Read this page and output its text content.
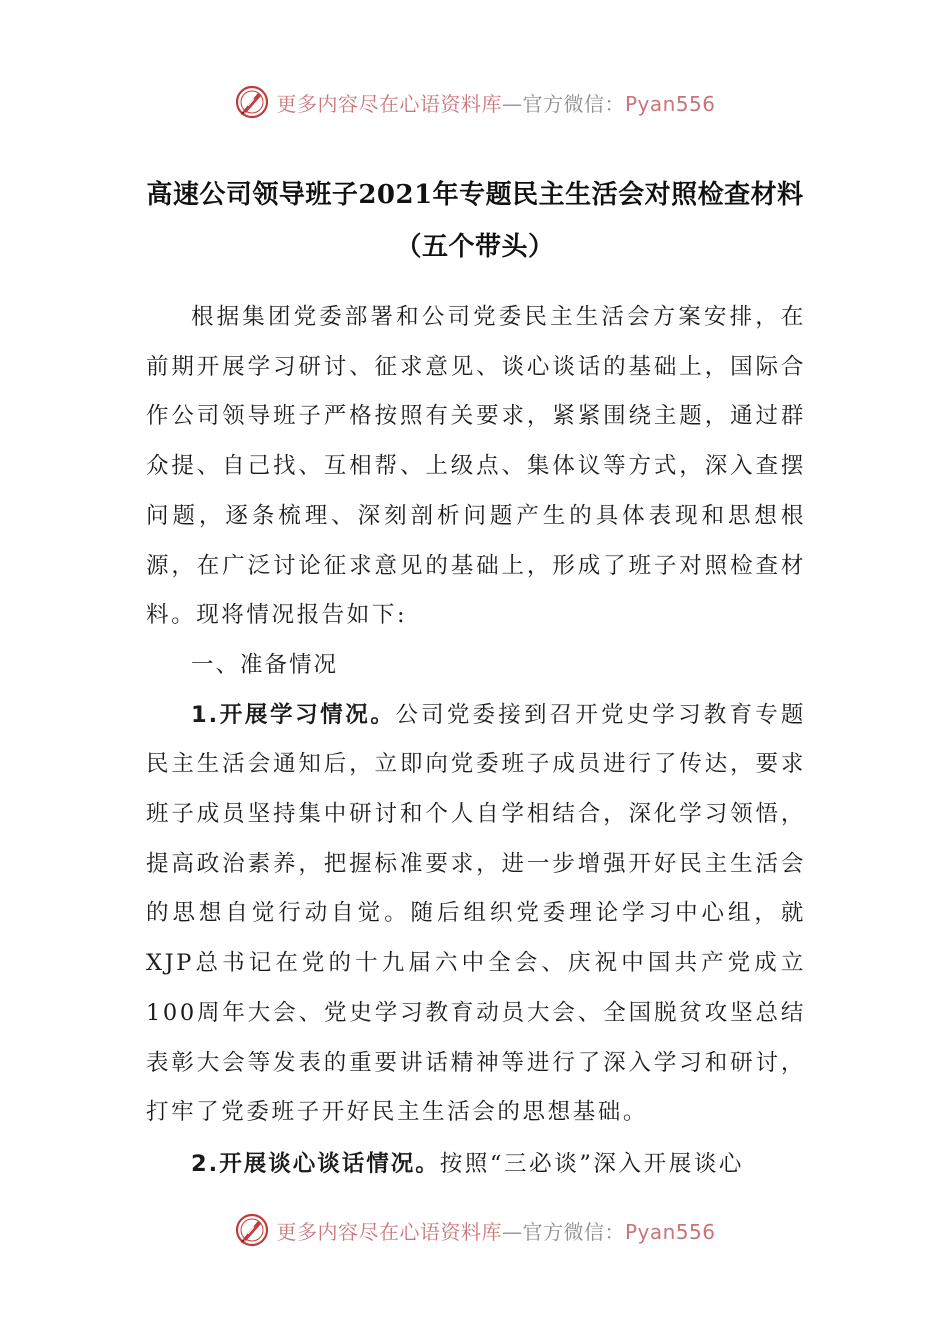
更多内容尽在心语资料库—官方微信：Pyan556
高速公司领导班子2021年专题民主生活会对照检查材料
（五个带头）

根据集团党委部署和公司党委民主生活会方案安排，在前期开展学习研讨、征求意见、谈心谈话的基础上，国际合作公司领导班子严格按照有关要求，紧紧围绕主题，通过群众提、自己找、互相帮、上级点、集体议等方式，深入查摆问题，逐条梳理、深刻剖析问题产生的具体表现和思想根源，在广泛讨论征求意见的基础上，形成了班子对照检查材料。现将情况报告如下:

一、准备情况

1.开展学习情况。公司党委接到召开党史学习教育专题民主生活会通知后，立即向党委班子成员进行了传达，要求班子成员坚持集中研讨和个人自学相结合，深化学习领悟，提高政治素养，把握标准要求，进一步增强开好民主生活会的思想自觉行动自觉。随后组织党委理论学习中心组，就XJP总书记在党的十九届六中全会、庆祝中国共产党成立100周年大会、党史学习教育动员大会、全国脱贫攻坚总结表彰大会等发表的重要讲话精神等进行了深入学习和研讨，打牢了党委班子开好民主生活会的思想基础。

2.开展谈心谈话情况。按照“三必谈”深入开展谈心

更多内容尽在心语资料库—官方微信：Pyan556
